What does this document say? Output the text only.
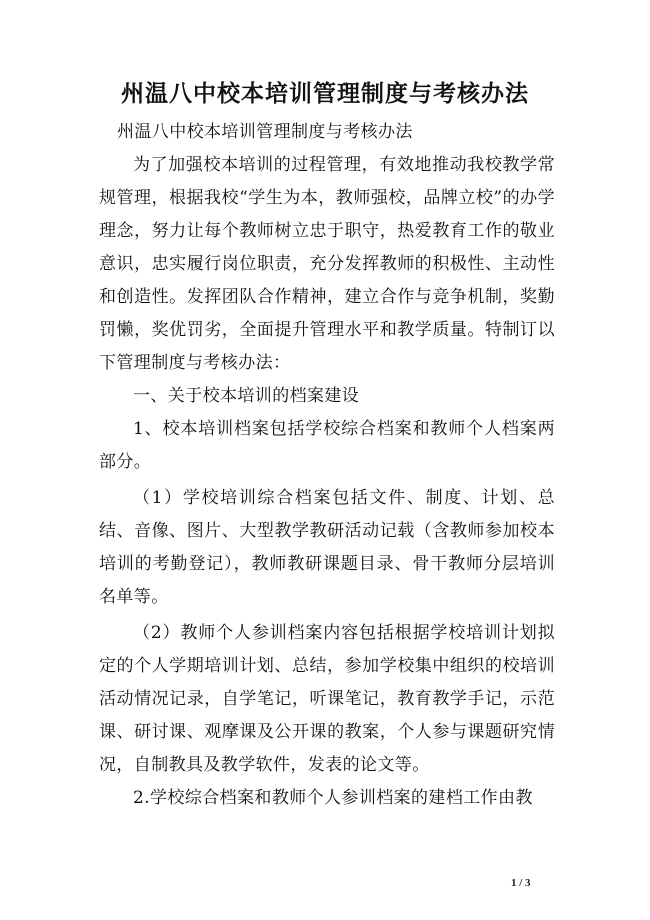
州温八中校本培训管理制度与考核办法

州温八中校本培训管理制度与考核办法

为了加强校本培训的过程管理，有效地推动我校教学常规管理，根据我校“学生为本，教师强校，品牌立校”的办学理念，努力让每个教师树立忠于职守，热爱教育工作的敬业意识，忠实履行岗位职责，充分发挥教师的积极性、主动性和创造性。发挥团队合作精神，建立合作与竞争机制，奖勤罚懒，奖优罚劣，全面提升管理水平和教学质量。特制订以下管理制度与考核办法：

一、关于校本培训的档案建设

1、校本培训档案包括学校综合档案和教师个人档案两部分。

（1）学校培训综合档案包括文件、制度、计划、总结、音像、图片、大型教学教研活动记载（含教师参加校本培训的考勤登记），教师教研课题目录、骨干教师分层培训名单等。

（2）教师个人参训档案内容包括根据学校培训计划拟定的个人学期培训计划、总结，参加学校集中组织的校培训活动情况记录，自学笔记，听课笔记，教育教学手记，示范课、研讨课、观摩课及公开课的教案，个人参与课题研究情况，自制教具及教学软件，发表的论文等。

2.学校综合档案和教师个人参训档案的建档工作由教

1 / 3
